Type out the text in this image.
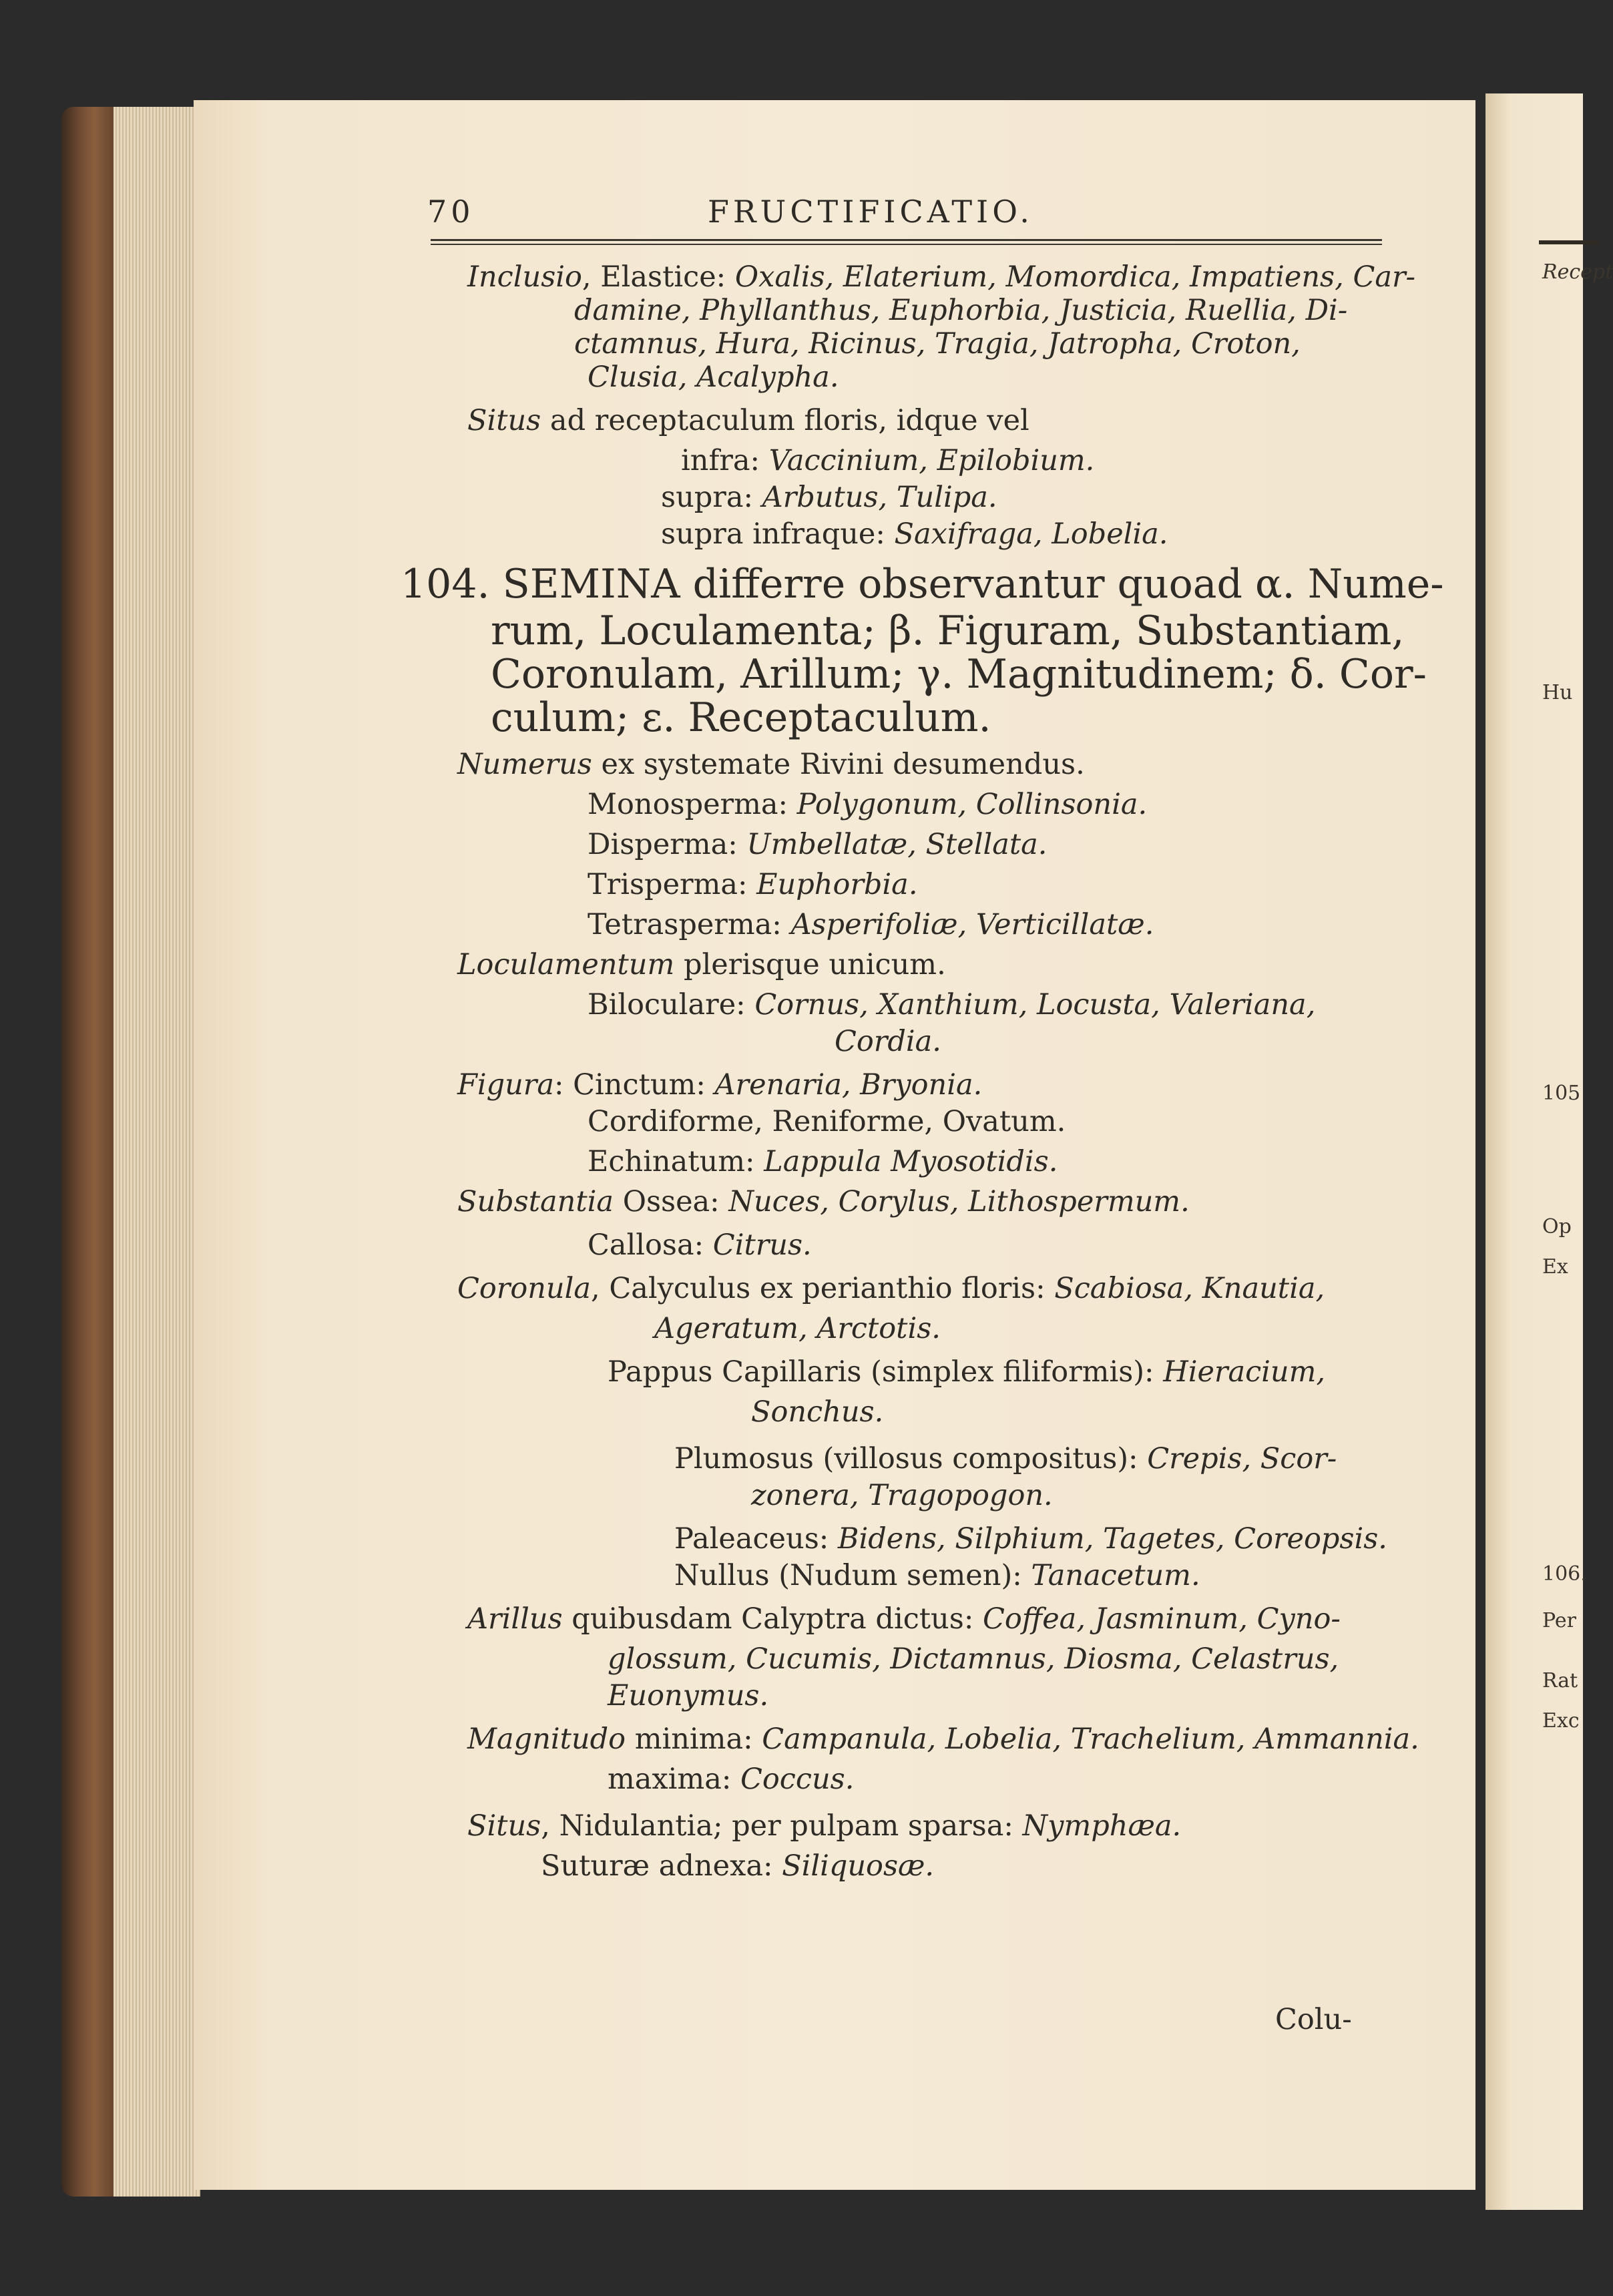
70	FRUCTIFICATIO.
Inclusio, Elastice: Oxalis, Elaterium, Momordica, Impatiens, Car-
damine, Phyllanthus, Euphorbia, Justicia, Ruellia, Di-
ctamnus, Hura, Ricinus, Tragia, Jatropha, Croton,
Clusia, Acalypha.
Situs ad receptaculum floris, idque vel
infra: Vaccinium, Epilobium.
supra: Arbutus, Tulipa.
supra infraque: Saxifraga, Lobelia.
104. SEMINA differre observantur quoad α. Nume-
rum, Loculamenta; β. Figuram, Substantiam,
Coronulam, Arillum; γ. Magnitudinem; δ. Cor-
culum; ε. Receptaculum.
Numerus ex systemate Rivini desumendus.
Monosperma: Polygonum, Collinsonia.
Disperma: Umbellatæ, Stellata.
Trisperma: Euphorbia.
Tetrasperma: Asperifoliæ, Verticillatæ.
Loculamentum plerisque unicum.
Biloculare: Cornus, Xanthium, Locusta, Valeriana,
Cordia.
Figura: Cinctum: Arenaria, Bryonia.
Cordiforme, Reniforme, Ovatum.
Echinatum: Lappula Myosotidis.
Substantia Ossea: Nuces, Corylus, Lithospermum.
Callosa: Citrus.
Coronula, Calyculus ex perianthio floris: Scabiosa, Knautia,
Ageratum, Arctotis.
Pappus Capillaris (simplex filiformis): Hieracium,
Sonchus.
Plumosus (villosus compositus): Crepis, Scor-
zonera, Tragopogon.
Paleaceus: Bidens, Silphium, Tagetes, Coreopsis.
Nullus (Nudum semen): Tanacetum.
Arillus quibusdam Calyptra dictus: Coffea, Jasminum, Cyno-
glossum, Cucumis, Dictamnus, Diosma, Celastrus,
Euonymus.
Magnitudo minima: Campanula, Lobelia, Trachelium, Ammannia.
maxima: Coccus.
Situs, Nidulantia; per pulpam sparsa: Nymphæa.
Suturæ adnexa: Siliquosæ.
Colu-
Recept
Hu
105
Op
Ex
106.
Per
Rat
Exc
